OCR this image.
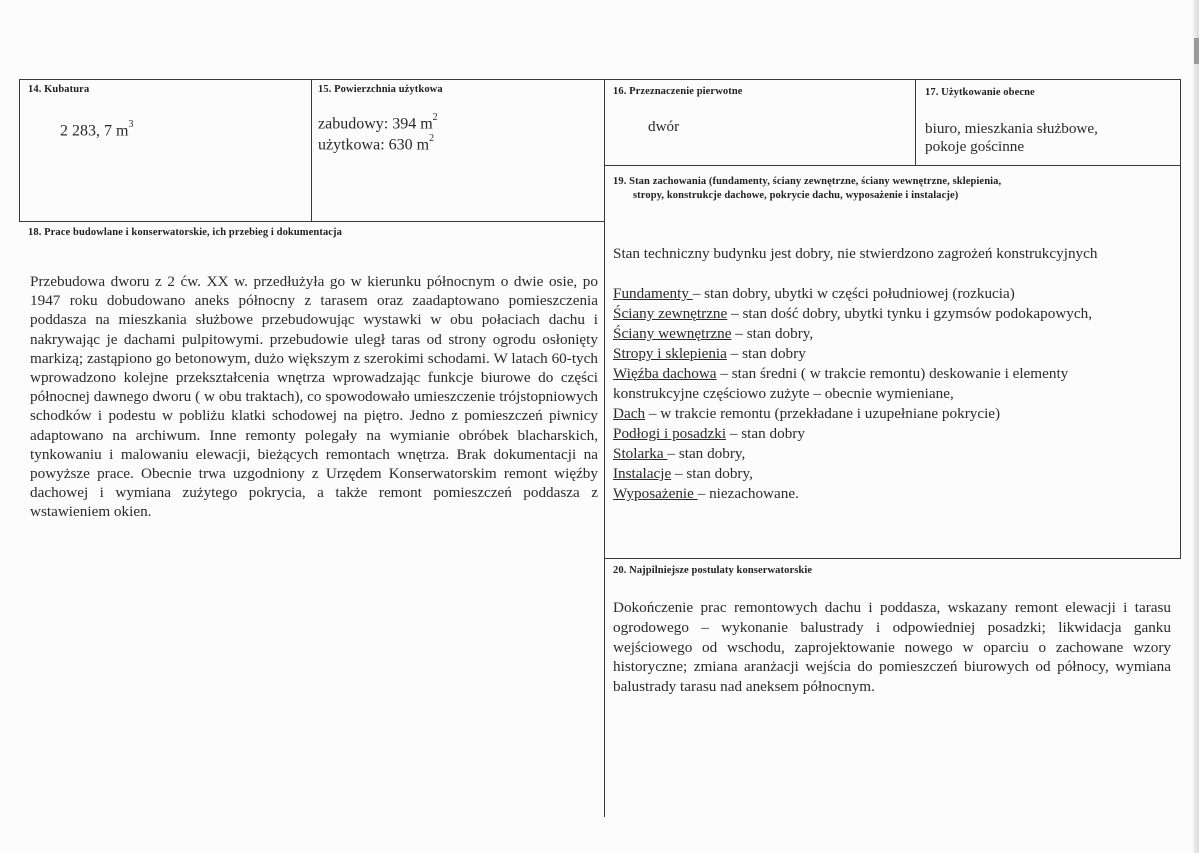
14. Kubatura
2 283, 7 $m^3$
15. Powierzchnia użytkowa
zabudowy: 394 $m^2$
użytkowa: 630 $m^2$
16. Przeznaczenie pierwotne
dwór
17. Użytkowanie obecne
biuro, mieszkania służbowe,
pokoje gościnne
19. Stan zachowania (fundamenty, ściany zewnętrzne, ściany wewnętrzne, sklepienia,
stropy, konstrukcje dachowe, pokrycie dachu, wyposażenie i instalacje)
Stan techniczny budynku jest dobry, nie stwierdzono zagrożeń konstrukcyjnych
Fundamenty – stan dobry, ubytki w części południowej (rozkucia)
Ściany zewnętrzne – stan dość dobry, ubytki tynku i gzymsów podokapowych,
Ściany wewnętrzne – stan dobry,
Stropy i sklepienia – stan dobry
Więźba dachowa – stan średni ( w trakcie remontu) deskowanie i elementy
konstrukcyjne częściowo zużyte – obecnie wymieniane,
Dach – w trakcie remontu (przekładane i uzupełniane pokrycie)
Podłogi i posadzki – stan dobry
Stolarka – stan dobry,
Instalacje – stan dobry,
Wyposażenie – niezachowane.
18. Prace budowlane i konserwatorskie, ich przebieg i dokumentacja
Przebudowa dworu z 2 ćw. XX w. przedłużyła go w kierunku północnym o dwie osie, po 1947 roku dobudowano aneks północny z tarasem oraz zaadaptowano pomieszczenia poddasza na mieszkania służbowe przebudowując wystawki w obu połaciach dachu i nakrywając je dachami pulpitowymi. przebudowie uległ taras od strony ogrodu osłonięty markizą; zastąpiono go betonowym, dużo większym z szerokimi schodami. W latach 60-tych wprowadzono kolejne przekształcenia wnętrza wprowadzając funkcje biurowe do części północnej dawnego dworu ( w obu traktach), co spowodowało umieszczenie trójstopniowych schodków i podestu w pobliżu klatki schodowej na piętro. Jedno z pomieszczeń piwnicy adaptowano na archiwum. Inne remonty polegały na wymianie obróbek blacharskich, tynkowaniu i malowaniu elewacji, bieżących remontach wnętrza. Brak dokumentacji na powyższe prace. Obecnie trwa uzgodniony z Urzędem Konserwatorskim remont więźby dachowej i wymiana zużytego pokrycia, a także remont pomieszczeń poddasza z wstawieniem okien.
20. Najpilniejsze postulaty konserwatorskie
Dokończenie prac remontowych dachu i poddasza, wskazany remont elewacji i tarasu ogrodowego – wykonanie balustrady i odpowiedniej posadzki; likwidacja ganku wejściowego od wschodu, zaprojektowanie nowego w oparciu o zachowane wzory historyczne; zmiana aranżacji wejścia do pomieszczeń biurowych od północy, wymiana balustrady tarasu nad aneksem północnym.
